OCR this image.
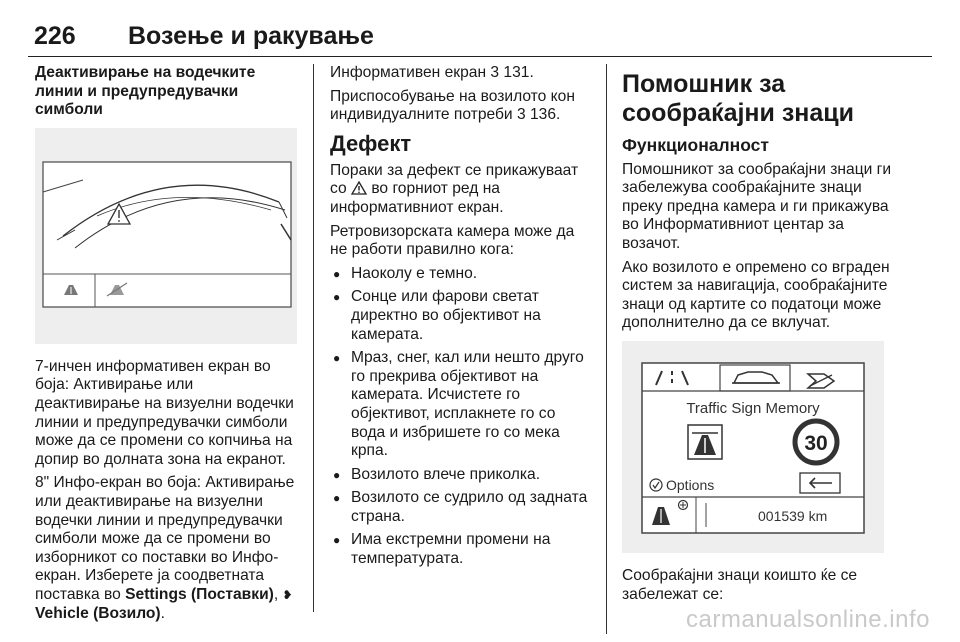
226 Возење и ракување
Деактивирање на водечките линии и предупредувачки симболи

7-инчен информативен екран во боја: Активирање или деактивирање на визуелни водечки линии и предупредувачки симболи може да се промени со копчиња на допир во долната зона на екранот.

8" Инфо-екран во боја: Активирање или деактивирање на визуелни водечки линии и предупредувачки симболи може да се промени во изборникот со поставки во Инфо-екран. Изберете ја соодветната поставка во Settings (Поставки), ❥ Vehicle (Возило).

Информативен екран 3 131.

Приспособување на возилото кон индивидуалните потреби 3 136.

Дефект

Пораки за дефект се прикажуваат со  во горниот ред на информативниот екран.

Ретровизорската камера може да не работи правилно кога:

● Наоколу е темно.
● Сонце или фарови светат директно во објективот на камерата.
● Мраз, снег, кал или нешто друго го прекрива објективот на камерата. Исчистете го објективот, исплакнете го со вода и избришете го со мека крпа.
● Возилото влече приколка.
● Возилото се судрило од задната страна.
● Има екстремни промени на температурата.
Помошник за сообраќајни знаци
Функционалност

Помошникот за сообраќајни знаци ги забележува сообраќајните знаци преку предна камера и ги прикажува во Информативниот центар за возачот.

Ако возилото е опремено со вграден систем за навигација, сообраќајните знаци од картите со податоци може дополнително да се вклучат.

Traffic Sign Memory
30
Options
001539 km

Сообраќајни знаци коишто ќе се забележат се:

carmanualsonline.info
